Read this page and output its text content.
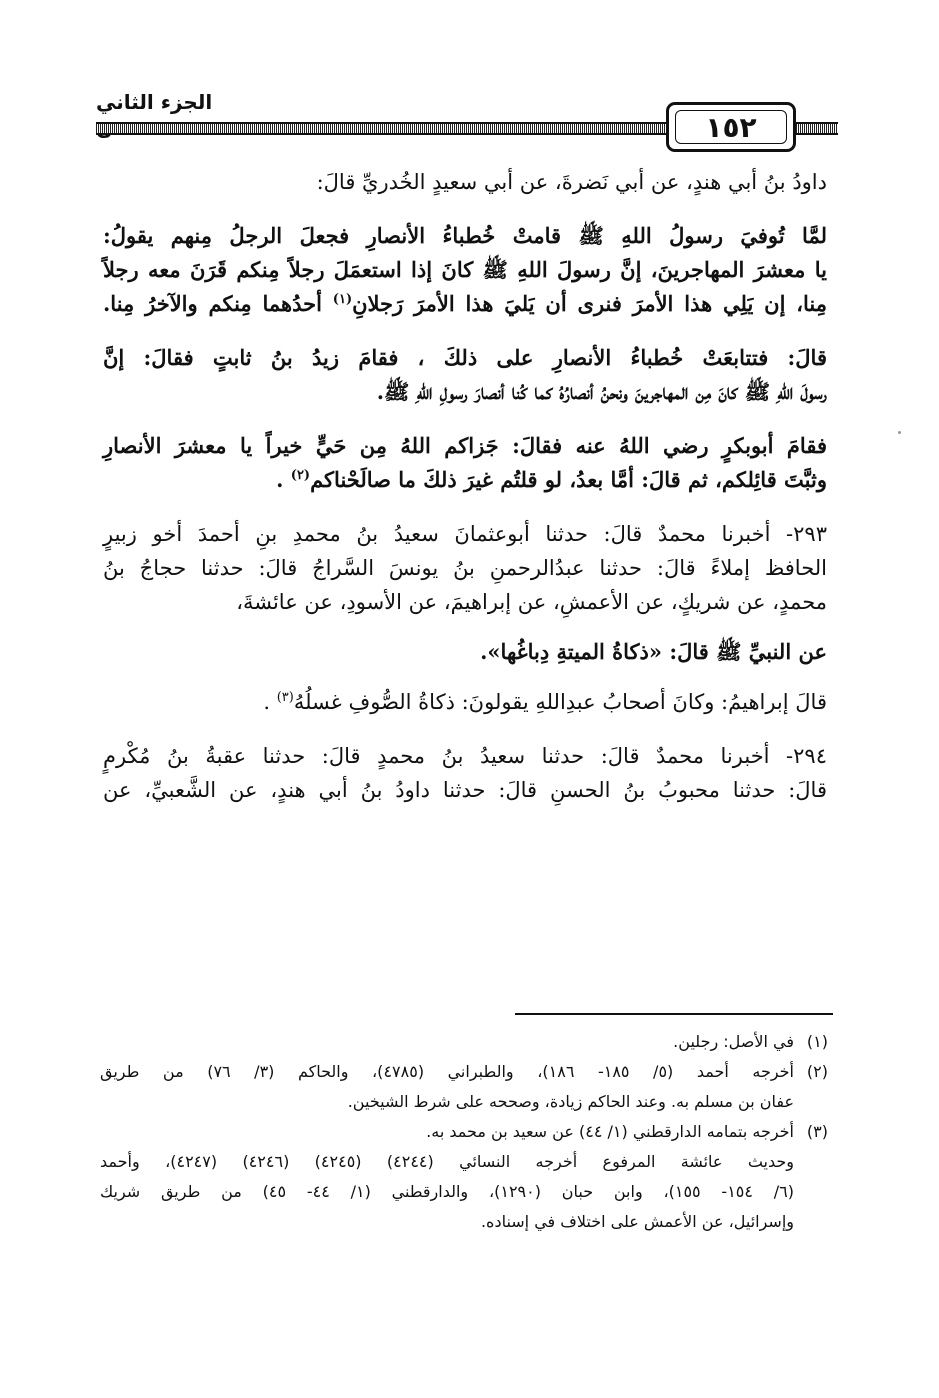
الجزء الثاني
١٥٢
داودُ بنُ أبي هندٍ، عن أبي نَضرةَ، عن أبي سعيدٍ الخُدريِّ قالَ:
لمَّا تُوفيَ رسولُ اللهِ ﷺ قامتْ خُطباءُ الأنصارِ فجعلَ الرجلُ مِنهم يقولُ:
يا معشرَ المهاجرينَ، إنَّ رسولَ اللهِ ﷺ كانَ إذا استعمَلَ رجلاً مِنكم قَرَنَ معه رجلاً
مِنا، إن يَلِي هذا الأمرَ فنرى أن يَليَ هذا الأمرَ رَجلانِ$^{(١)}$ أحدُهما مِنكم والآخرُ مِنا.
قالَ: فتتابعَتْ خُطباءُ الأنصارِ على ذلكَ ، فقامَ زيدُ بنُ ثابتٍ فقالَ: إنَّ
رسولَ اللهِ ﷺ كانَ مِن المهاجرينَ ونحنُ أنصارُهُ كما كُنا أنصارَ رسولِ اللهِ ﷺ.
فقامَ أبوبكرٍ رضي اللهُ عنه فقالَ: جَزاكم اللهُ مِن حَيٍّ خيراً يا معشرَ الأنصارِ
وثبَّتَ قائِلكم، ثم قالَ: أمَّا بعدُ، لو قلتُم غيرَ ذلكَ ما صالَحْناكم$^{(٢)}$ .
٢٩٣- أخبرنا محمدٌ قالَ: حدثنا أبوعثمانَ سعيدُ بنُ محمدِ بنِ أحمدَ أخو زبيرٍ
الحافظ إملاءً قالَ: حدثنا عبدُالرحمنِ بنُ يونسَ السَّراجُ قالَ: حدثنا حجاجُ بنُ
محمدٍ، عن شريكٍ، عن الأعمشِ، عن إبراهيمَ، عن الأسودِ، عن عائشةَ،
عن النبيِّ ﷺ قالَ: «ذكاةُ الميتةِ دِباغُها».
قالَ إبراهيمُ: وكانَ أصحابُ عبدِاللهِ يقولونَ: ذكاةُ الصُّوفِ غسلُهُ$^{(٣)}$ .
٢٩٤- أخبرنا محمدٌ قالَ: حدثنا سعيدُ بنُ محمدٍ قالَ: حدثنا عقبةُ بنُ مُكْرمٍ
قالَ: حدثنا محبوبُ بنُ الحسنِ قالَ: حدثنا داودُ بنُ أبي هندٍ، عن الشَّعبيِّ، عن
(١)
في الأصل: رجلين.
(٢)
أخرجه أحمد (٥/ ١٨٥- ١٨٦)، والطبراني (٤٧٨٥)، والحاكم (٣/ ٧٦) من طريق
عفان بن مسلم به. وعند الحاكم زيادة، وصححه على شرط الشيخين.
(٣)
أخرجه بتمامه الدارقطني (١/ ٤٤) عن سعيد بن محمد به.
وحديث عائشة المرفوع أخرجه النسائي (٤٢٤٤) (٤٢٤٥) (٤٢٤٦) (٤٢٤٧)، وأحمد
(٦/ ١٥٤- ١٥٥)، وابن حبان (١٢٩٠)، والدارقطني (١/ ٤٤- ٤٥) من طريق شريك
وإسرائيل، عن الأعمش على اختلاف في إسناده.
